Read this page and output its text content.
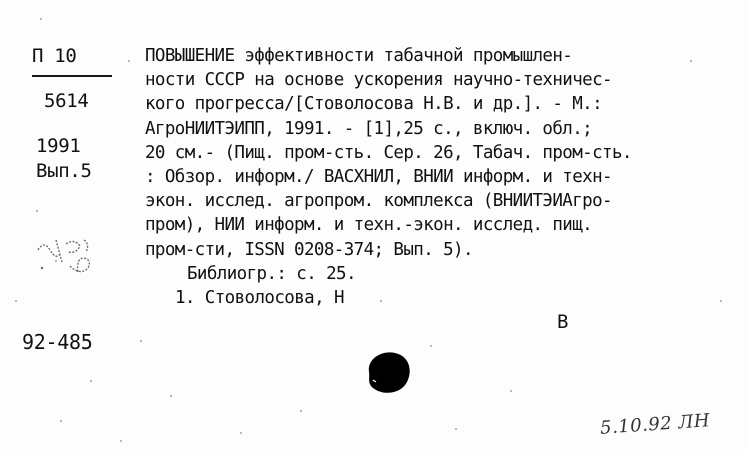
П 10
5614
1991
Вып.5
92-485
ПОВЫШЕНИЕ эффективности табачной промышлен-
ности СССР на основе ускорения научно-техничес-
кого прогресса/[Стоволосова Н.В. и др.]. - М.:
АгроНИИТЭИПП, 1991. - [1],25 с., включ. обл.;
20 см.- (Пищ. пром-сть. Сер. 26, Табач. пром-сть.
: Обзор. информ./ ВАСХНИЛ, ВНИИ информ. и техн-
экон. исслед. агропром. комплекса (ВНИИТЭИАгро-
пром), НИИ информ. и техн.-экон. исслед. пищ.
пром-сти, ISSN 0208-374; Вып. 5).
Библиогр.: с. 25.
1. Стоволосова, Н
В
5.10.92 ЛН
